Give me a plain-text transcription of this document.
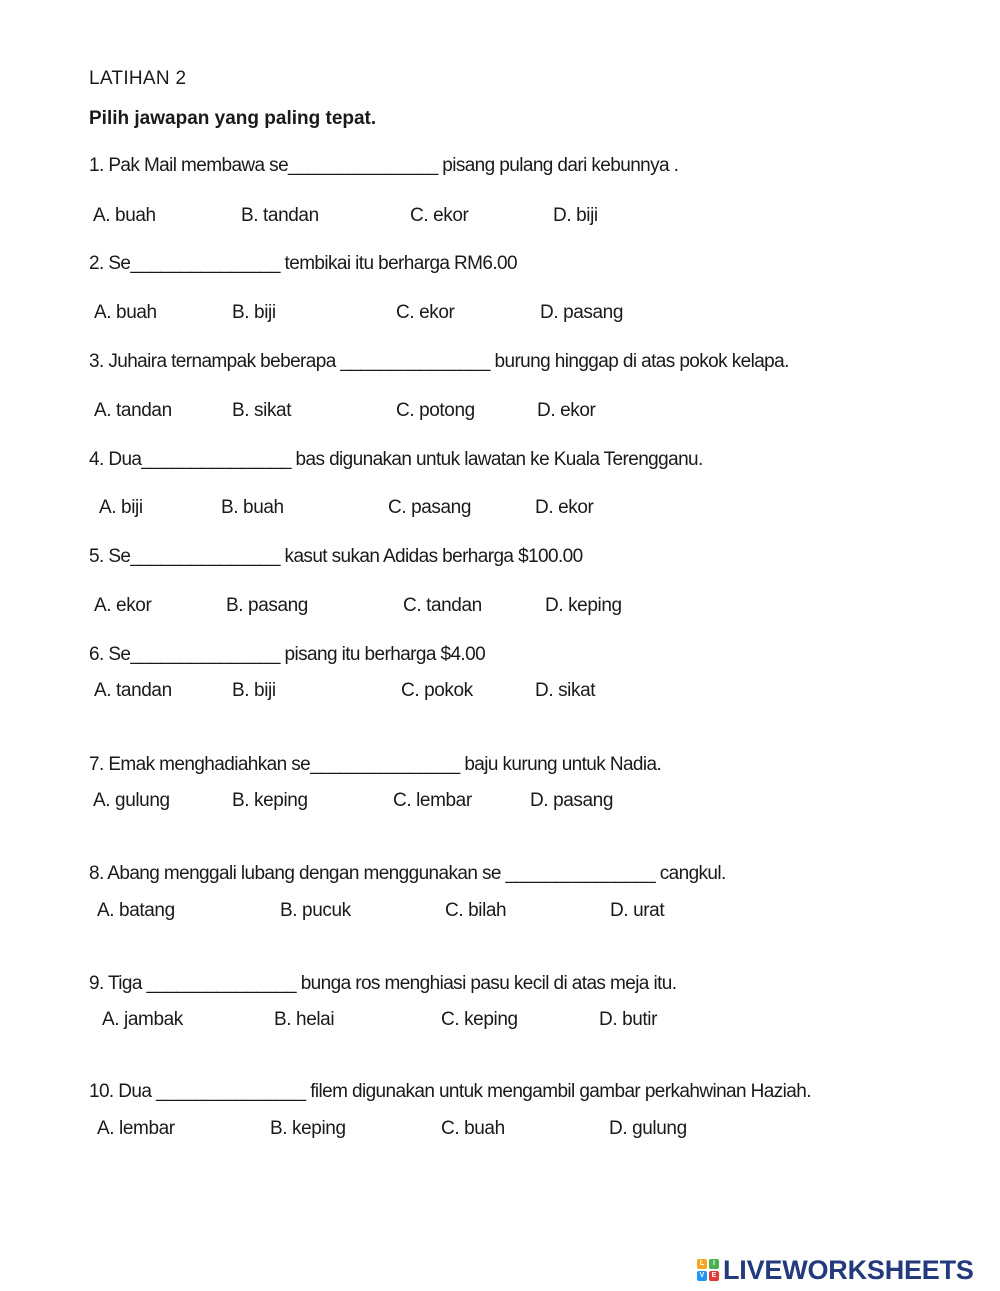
LATIHAN 2
Pilih jawapan yang paling tepat.
1. Pak Mail membawa se_______________ pisang pulang dari kebunnya .
A. buah	B. tandan	C. ekor	D. biji
2. Se_______________ tembikai itu berharga RM6.00
A. buah	B. biji	C. ekor	D. pasang
3. Juhaira ternampak beberapa _______________ burung hinggap di atas pokok kelapa.
A. tandan	B. sikat	C. potong	D. ekor
4. Dua_______________ bas digunakan untuk lawatan ke Kuala Terengganu.
A. biji	B. buah	C. pasang	D. ekor
5. Se_______________ kasut sukan Adidas berharga $100.00
A. ekor	B. pasang	C. tandan	D. keping
6. Se_______________ pisang itu berharga $4.00
A. tandan	B. biji	C. pokok	D. sikat
7. Emak menghadiahkan se_______________ baju kurung untuk Nadia.
A. gulung	B. keping	C. lembar	D. pasang
8. Abang menggali lubang dengan menggunakan se _______________ cangkul.
A. batang	B. pucuk	C. bilah	D. urat
9. Tiga _______________ bunga ros menghiasi pasu kecil di atas meja itu.
A. jambak	B. helai	C. keping	D. butir
10. Dua _______________ filem digunakan untuk mengambil gambar perkahwinan Haziah.
A. lembar	B. keping	C. buah	D. gulung
L	I
V	E LIVEWORKSHEETS
